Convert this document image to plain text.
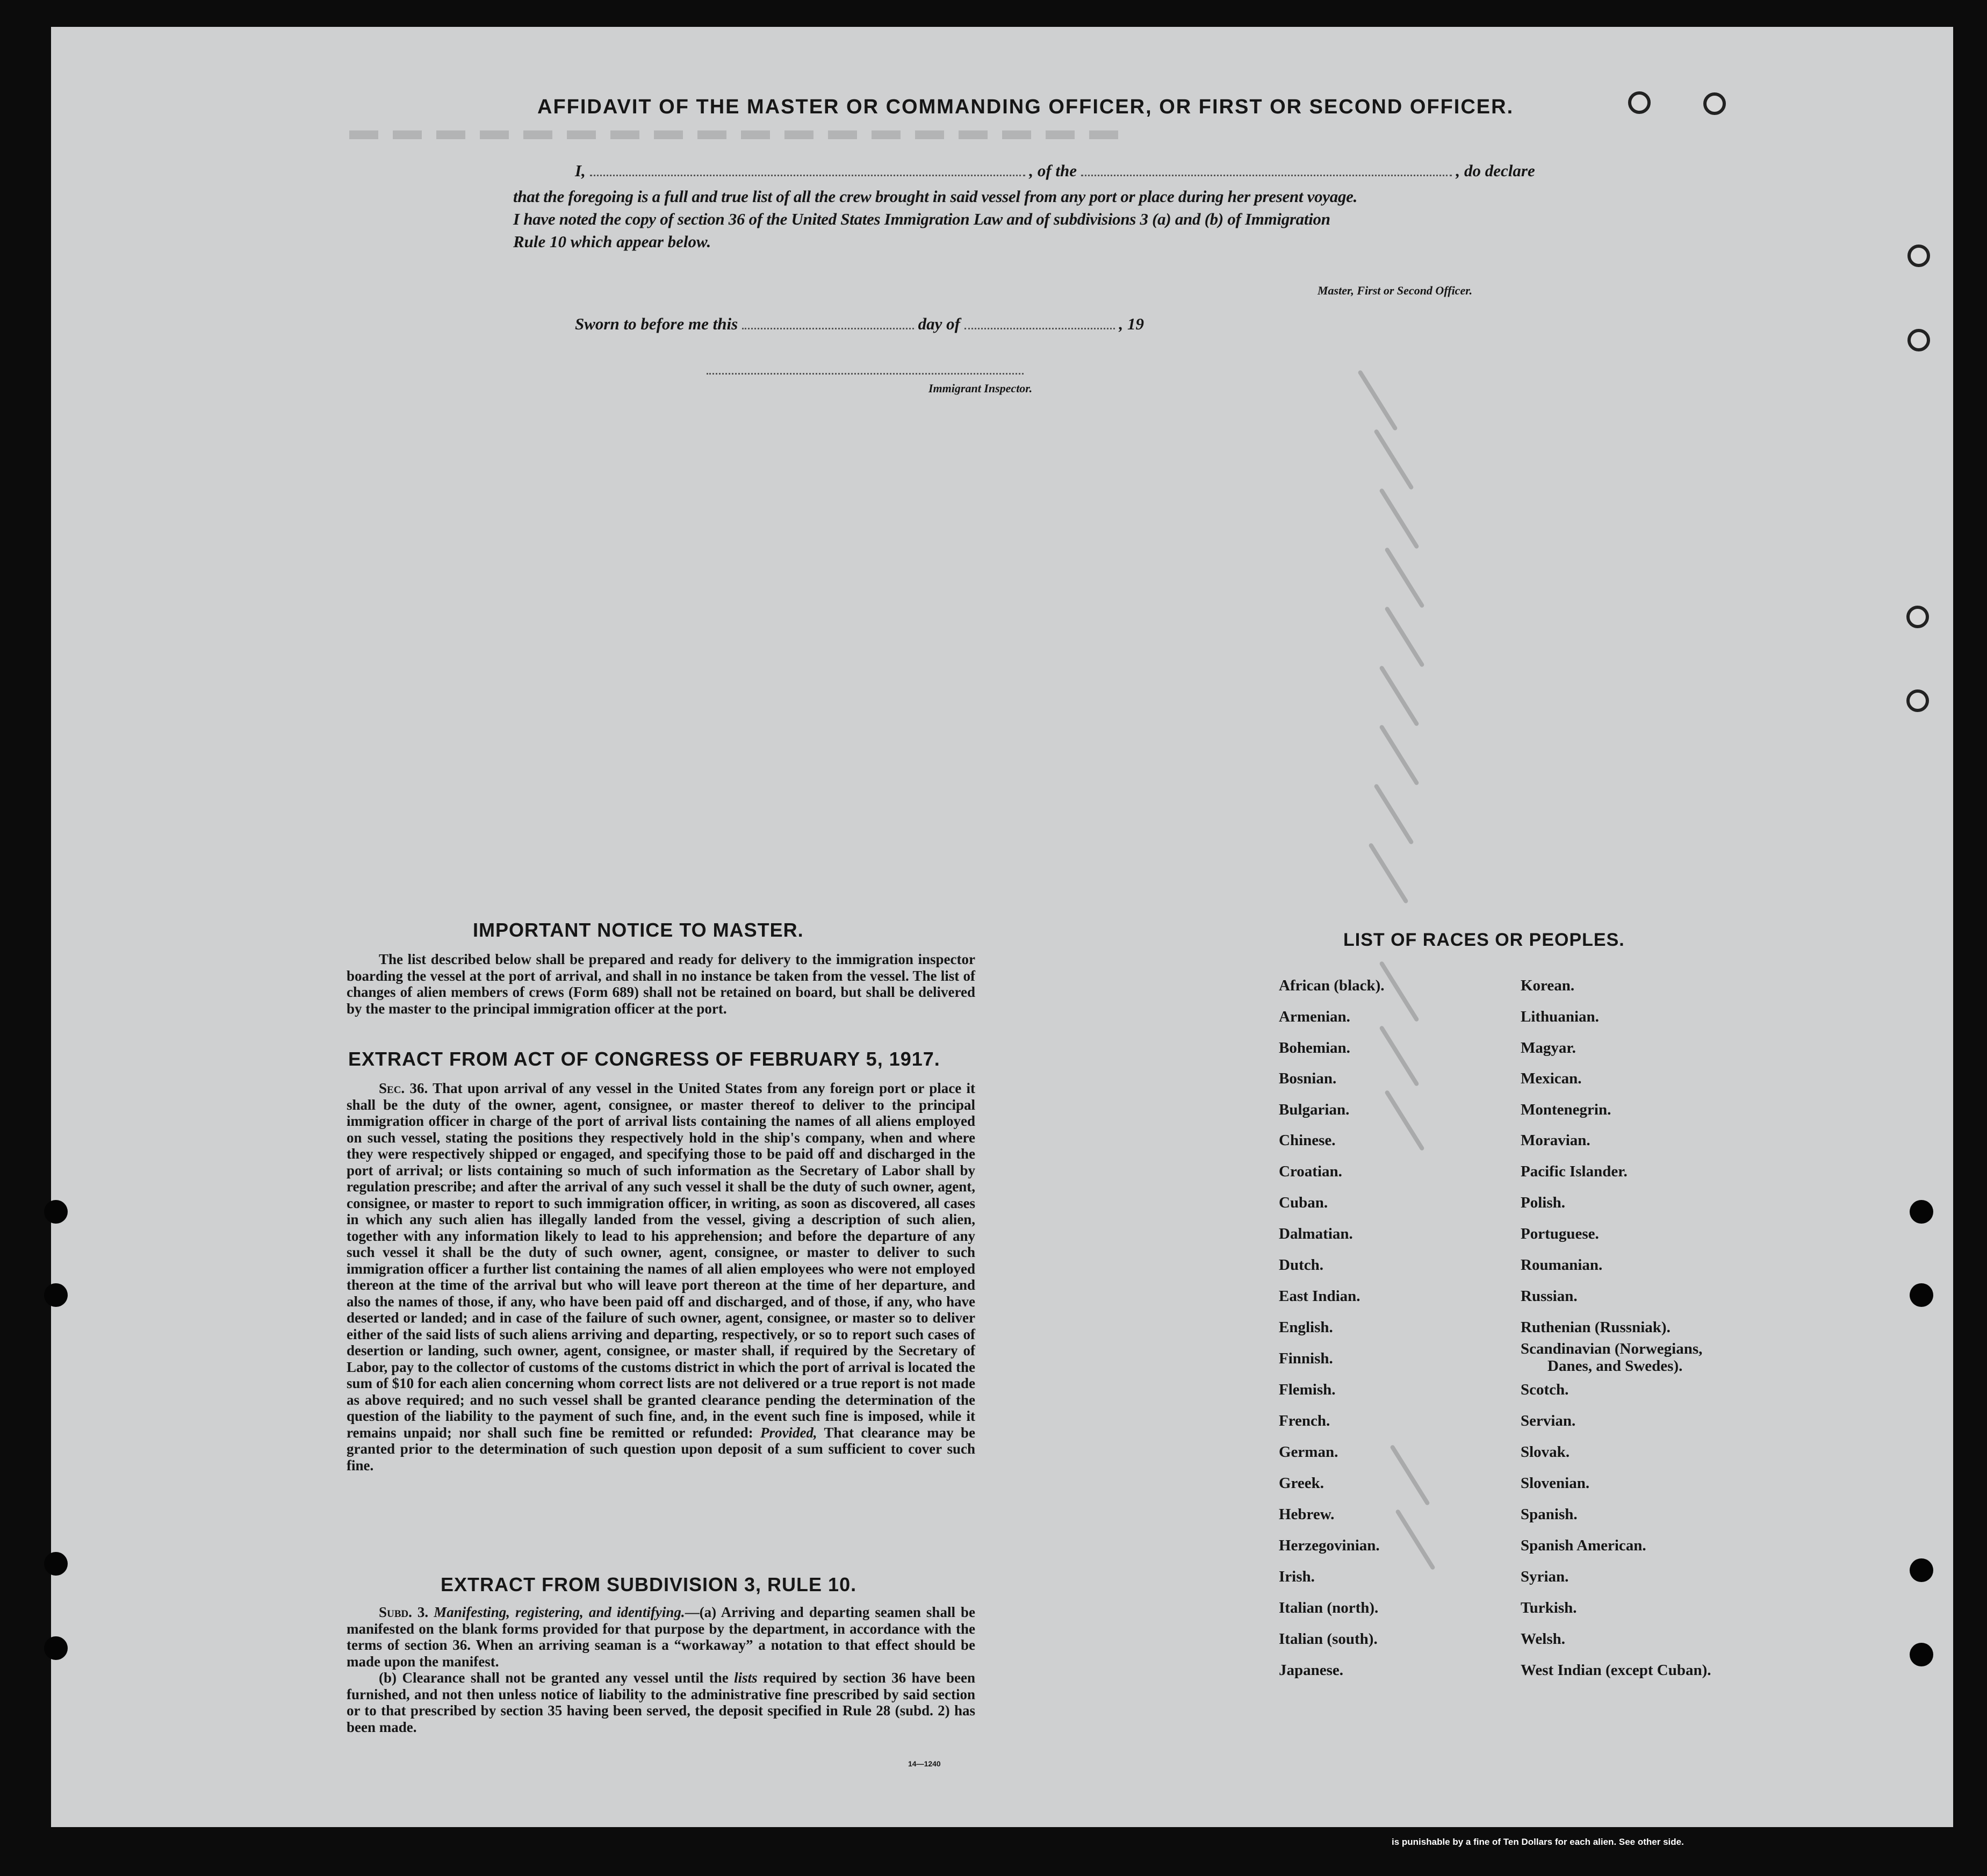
▬ ▬ ▬ ▬ ▬ ▬ ▬ ▬ ▬ ▬ ▬ ▬ ▬ ▬ ▬ ▬ ▬ ▬
AFFIDAVIT OF THE MASTER OR COMMANDING OFFICER, OR FIRST OR SECOND OFFICER.
I,	, of the	, do declare
that the foregoing is a full and true list of all the crew brought in said vessel from any port or place during her present voyage.
I have noted the copy of section 36 of the United States Immigration Law and of subdivisions 3 (a) and (b) of Immigration
Rule 10 which appear below.
Master, First or Second Officer.
Sworn to before me this	day of	, 19
Immigrant Inspector.
IMPORTANT NOTICE TO MASTER.

The list described below shall be prepared and ready for delivery to the immigration inspector boarding the vessel at the port of arrival, and shall in no instance be taken from the vessel. The list of changes of alien members of crews (Form 689) shall not be retained on board, but shall be delivered by the master to the principal immigration officer at the port.

EXTRACT FROM ACT OF CONGRESS OF FEBRUARY 5, 1917.

Sec. 36. That upon arrival of any vessel in the United States from any foreign port or place it shall be the duty of the owner, agent, consignee, or master thereof to deliver to the principal immigration officer in charge of the port of arrival lists containing the names of all aliens employed on such vessel, stating the positions they respectively hold in the ship's company, when and where they were respectively shipped or engaged, and specifying those to be paid off and discharged in the port of arrival; or lists containing so much of such information as the Secretary of Labor shall by regulation prescribe; and after the arrival of any such vessel it shall be the duty of such owner, agent, consignee, or master to report to such immigration officer, in writing, as soon as discovered, all cases in which any such alien has illegally landed from the vessel, giving a description of such alien, together with any information likely to lead to his apprehension; and before the departure of any such vessel it shall be the duty of such owner, agent, consignee, or master to deliver to such immigration officer a further list containing the names of all alien employees who were not employed thereon at the time of the arrival but who will leave port thereon at the time of her departure, and also the names of those, if any, who have been paid off and discharged, and of those, if any, who have deserted or landed; and in case of the failure of such owner, agent, consignee, or master so to deliver either of the said lists of such aliens arriving and departing, respectively, or so to report such cases of desertion or landing, such owner, agent, consignee, or master shall, if required by the Secretary of Labor, pay to the collector of customs of the customs district in which the port of arrival is located the sum of $10 for each alien concerning whom correct lists are not delivered or a true report is not made as above required; and no such vessel shall be granted clearance pending the determination of the question of the liability to the payment of such fine, and, in the event such fine is imposed, while it remains unpaid; nor shall such fine be remitted or refunded: Provided, That clearance may be granted prior to the determination of such question upon deposit of a sum sufficient to cover such fine.

EXTRACT FROM SUBDIVISION 3, RULE 10.

Subd. 3. Manifesting, registering, and identifying.—(a) Arriving and departing seamen shall be manifested on the blank forms provided for that purpose by the department, in accordance with the terms of section 36. When an arriving seaman is a “workaway” a notation to that effect should be made upon the manifest.

(b) Clearance shall not be granted any vessel until the lists required by section 36 have been furnished, and not then unless notice of liability to the administrative fine prescribed by said section or to that prescribed by section 35 having been served, the deposit specified in Rule 28 (subd. 2) has been made.

14—1240
LIST OF RACES OR PEOPLES.
African (black).
Armenian.
Bohemian.
Bosnian.
Bulgarian.
Chinese.
Croatian.
Cuban.
Dalmatian.
Dutch.
East Indian.
English.
Finnish.
Flemish.
French.
German.
Greek.
Hebrew.
Herzegovinian.
Irish.
Italian (north).
Italian (south).
Japanese.
Korean.
Lithuanian.
Magyar.
Mexican.
Montenegrin.
Moravian.
Pacific Islander.
Polish.
Portuguese.
Roumanian.
Russian.
Ruthenian (Russniak).
Scandinavian (Norwegians,
Danes, and Swedes).
Scotch.
Servian.
Slovak.
Slovenian.
Spanish.
Spanish American.
Syrian.
Turkish.
Welsh.
West Indian (except Cuban).
is punishable by a fine of Ten Dollars for each alien. See other side.
